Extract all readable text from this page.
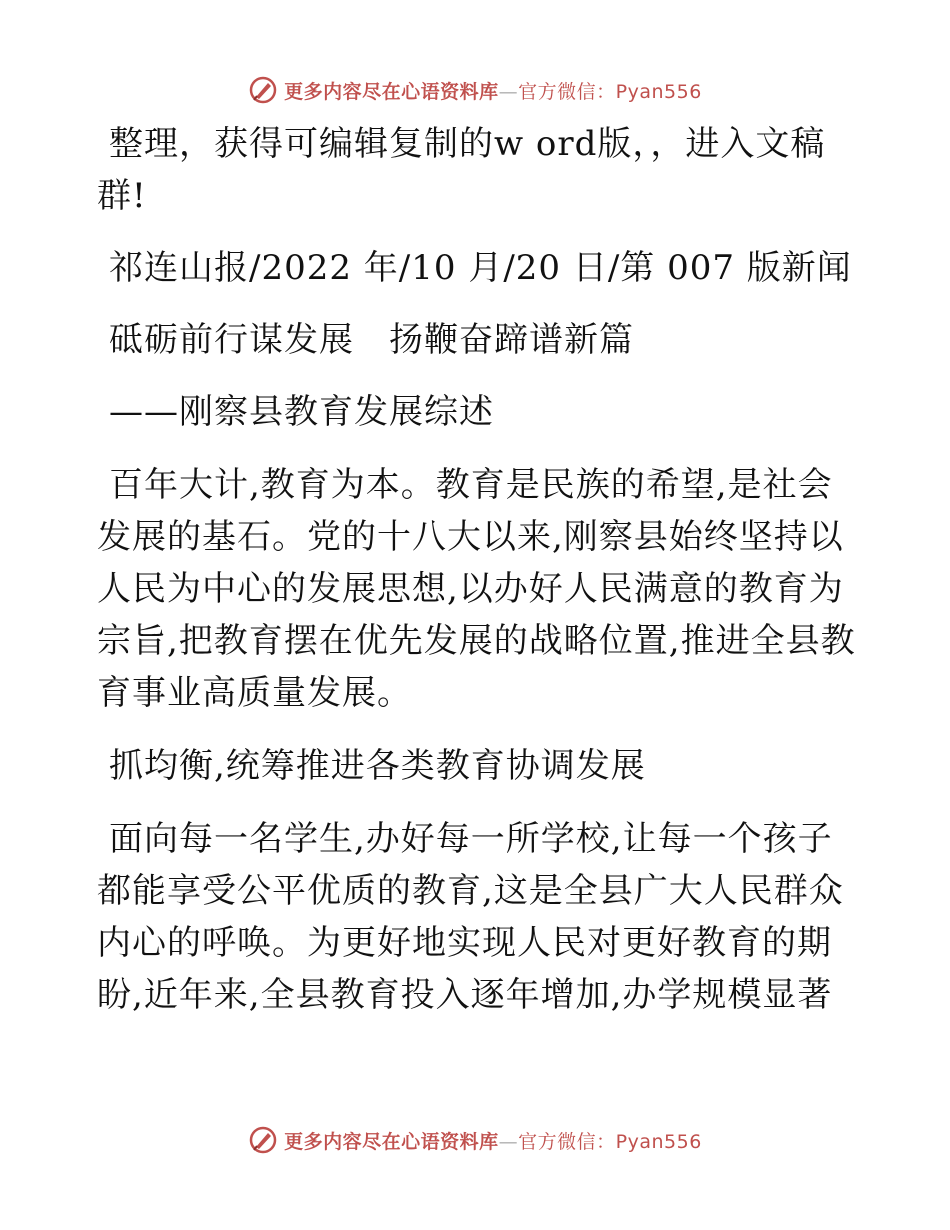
更多内容尽在心语资料库—官方微信：Pyan556

整理，获得可编辑复制的w ord版，，进入文稿群!

祁连山报/2022 年/10 月/20 日/第 007 版新闻

砥砺前行谋发展　扬鞭奋蹄谱新篇

——刚察县教育发展综述

百年大计,教育为本。教育是民族的希望,是社会发展的基石。党的十八大以来,刚察县始终坚持以人民为中心的发展思想,以办好人民满意的教育为宗旨,把教育摆在优先发展的战略位置,推进全县教育事业高质量发展。

抓均衡,统筹推进各类教育协调发展

面向每一名学生,办好每一所学校,让每一个孩子都能享受公平优质的教育,这是全县广大人民群众内心的呼唤。为更好地实现人民对更好教育的期盼,近年来,全县教育投入逐年增加,办学规模显著

更多内容尽在心语资料库—官方微信：Pyan556
